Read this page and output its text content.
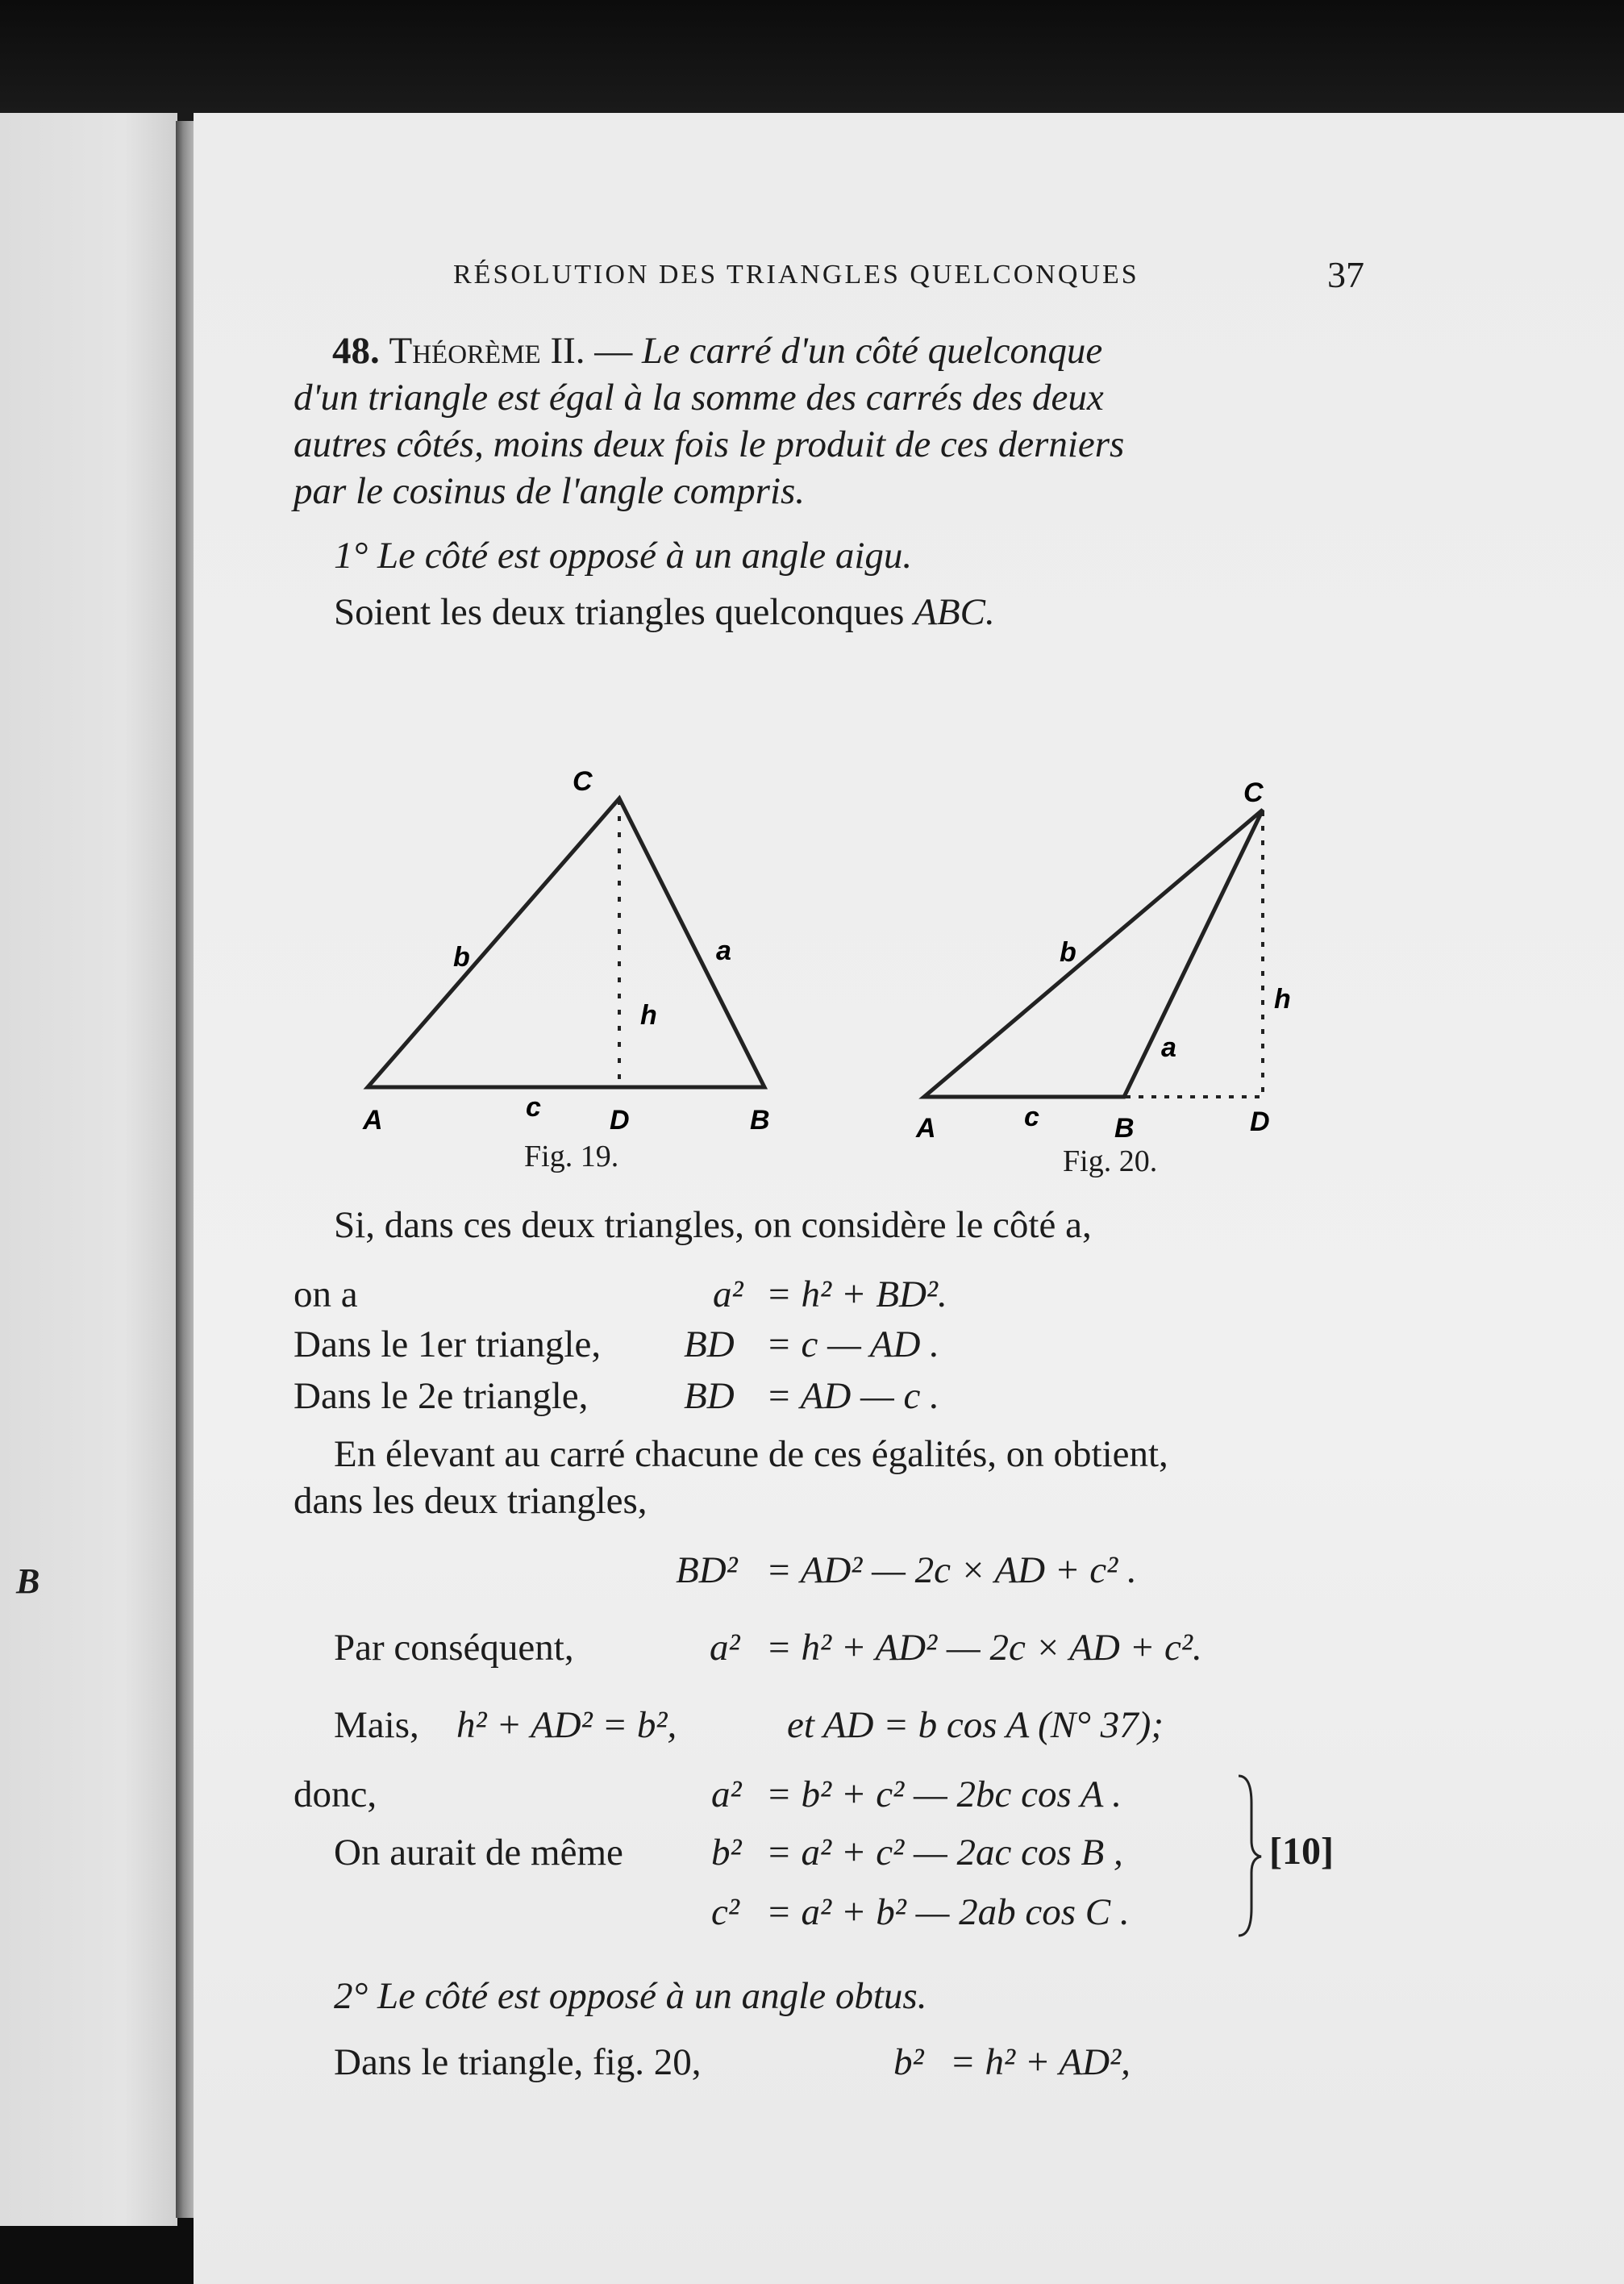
B
RÉSOLUTION DES TRIANGLES QUELCONQUES	37
48. Théorème II. — Le carré d'un côté quelconque
d'un triangle est égal à la somme des carrés des deux
autres côtés, moins deux fois le produit de ces derniers
par le cosinus de l'angle compris.
1° Le côté est opposé à un angle aigu.
Soient les deux triangles quelconques ABC.
C
b	a
h
A	c	D	B
C
b
a
h
A	c	B	D
Fig. 19.	Fig. 20.
Si, dans ces deux triangles, on considère le côté a,
on a	a² = h² + BD².
Dans le 1er triangle, BD = c — AD .
Dans le 2e triangle,	BD = AD — c .
En élevant au carré chacune de ces égalités, on obtient,
dans les deux triangles,
BD² = AD² — 2c × AD + c² .
Par conséquent,	a² = h² + AD² — 2c × AD + c².
Mais, h² + AD² = b²,	et AD = b cos A (N° 37);
donc,	a² = b² + c² — 2bc cos A .
On aurait de même b² = a² + c² — 2ac cos B ,
c² = a² + b² — 2ab cos C .
[10]
2° Le côté est opposé à un angle obtus.
Dans le triangle, fig. 20,	b² = h² + AD²,
